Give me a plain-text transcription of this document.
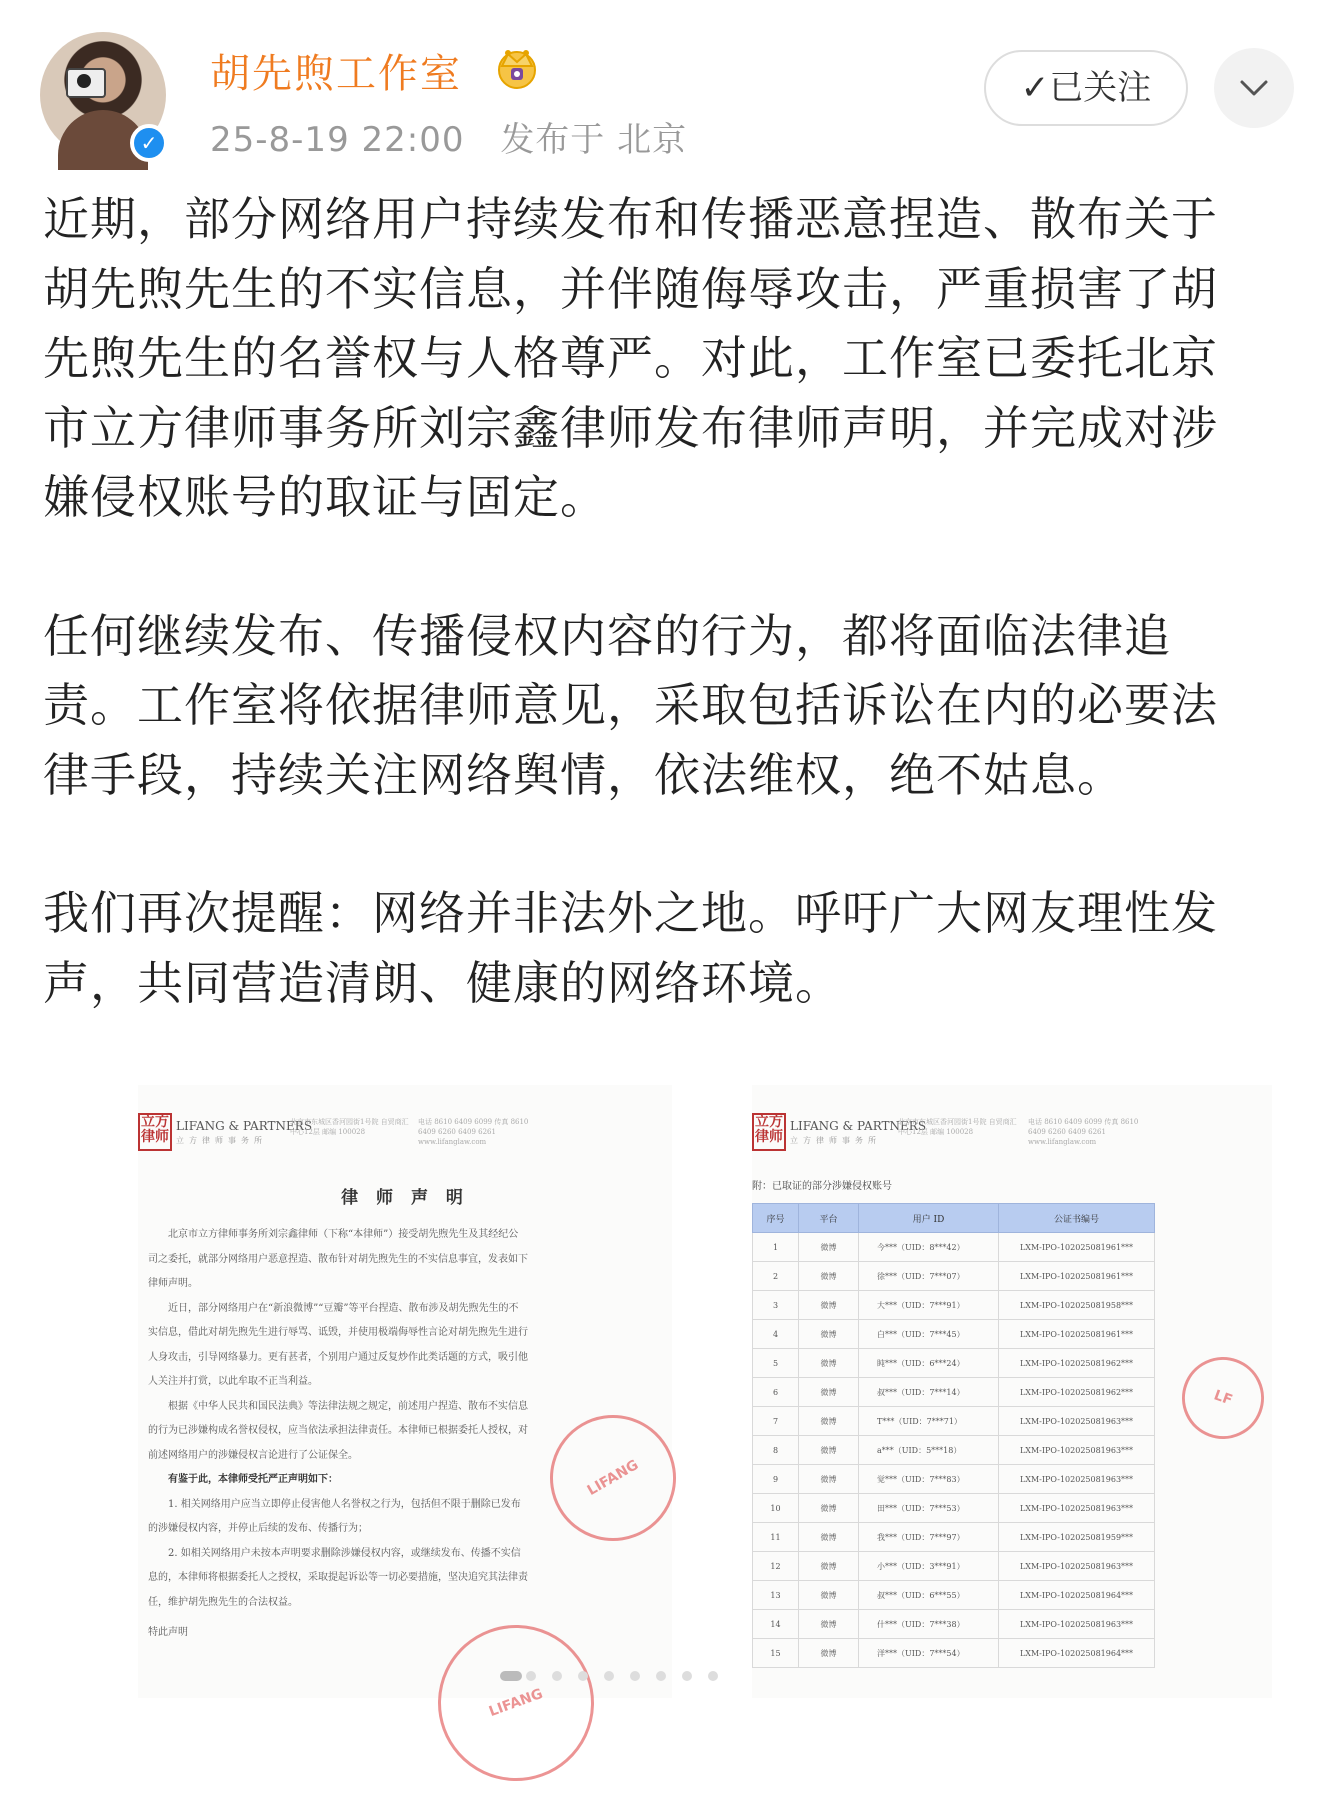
✓
胡先煦工作室
25-8-19 22:00 发布于 北京
✓已关注

近期，部分网络用户持续发布和传播恶意捏造、散布关于胡先煦先生的不实信息，并伴随侮辱攻击，严重损害了胡先煦先生的名誉权与人格尊严。对此，工作室已委托北京市立方律师事务所刘宗鑫律师发布律师声明，并完成对涉嫌侵权账号的取证与固定。

任何继续发布、传播侵权内容的行为，都将面临法律追责。工作室将依据律师意见，采取包括诉讼在内的必要法律手段，持续关注网络舆情，依法维权，绝不姑息。

我们再次提醒：网络并非法外之地。呼吁广大网友理性发声，共同营造清朗、健康的网络环境。

立方律师
LIFANG & PARTNERS
立方律师事务所
北京市东城区香河园街1号院 自贸商汇中心12层 邮编 100028
电话 8610 6409 6099 传真 8610 6409 6260 6409 6261 www.lifanglaw.com
律 师 声 明

北京市立方律师事务所刘宗鑫律师（下称“本律师”）接受胡先煦先生及其经纪公司之委托，就部分网络用户恶意捏造、散布针对胡先煦先生的不实信息事宜，发表如下律师声明。

近日，部分网络用户在“新浪微博”“豆瓣”等平台捏造、散布涉及胡先煦先生的不实信息，借此对胡先煦先生进行辱骂、诋毁，并使用极端侮辱性言论对胡先煦先生进行人身攻击，引导网络暴力。更有甚者，个别用户通过反复炒作此类话题的方式，吸引他人关注并打赏，以此牟取不正当利益。

根据《中华人民共和国民法典》等法律法规之规定，前述用户捏造、散布不实信息的行为已涉嫌构成名誉权侵权，应当依法承担法律责任。本律师已根据委托人授权，对前述网络用户的涉嫌侵权言论进行了公证保全。

有鉴于此，本律师受托严正声明如下：

1. 相关网络用户应当立即停止侵害他人名誉权之行为，包括但不限于删除已发布的涉嫌侵权内容，并停止后续的发布、传播行为；

2. 如相关网络用户未按本声明要求删除涉嫌侵权内容，或继续发布、传播不实信息的，本律师将根据委托人之授权，采取提起诉讼等一切必要措施，坚决追究其法律责任，维护胡先煦先生的合法权益。

特此声明

LIFANG
LIFANG
立方律师
LIFANG & PARTNERS
立方律师事务所
北京市东城区香河园街1号院 自贸商汇中心12层 邮编 100028
电话 8610 6409 6099 传真 8610 6409 6260 6409 6261 www.lifanglaw.com
附：已取证的部分涉嫌侵权账号
序号	平台	用户 ID	公证书编号
1	微博	今***（UID：8***42）	LXM-IPO-102025081961***
2	微博	徐***（UID：7***07）	LXM-IPO-102025081961***
3	微博	大***（UID：7***91）	LXM-IPO-102025081958***
4	微博	白***（UID：7***45）	LXM-IPO-102025081961***
5	微博	盹***（UID：6***24）	LXM-IPO-102025081962***
6	微博	叔***（UID：7***14）	LXM-IPO-102025081962***
7	微博	T***（UID：7***71）	LXM-IPO-102025081963***
8	微博	a***（UID：5***18）	LXM-IPO-102025081963***
9	微博	觉***（UID：7***83）	LXM-IPO-102025081963***
10	微博	田***（UID：7***53）	LXM-IPO-102025081963***
11	微博	我***（UID：7***97）	LXM-IPO-102025081959***
12	微博	小***（UID：3***91）	LXM-IPO-102025081963***
13	微博	叔***（UID：6***55）	LXM-IPO-102025081964***
14	微博	什***（UID：7***38）	LXM-IPO-102025081963***
15	微博	洋***（UID：7***54）	LXM-IPO-102025081964***
LF
